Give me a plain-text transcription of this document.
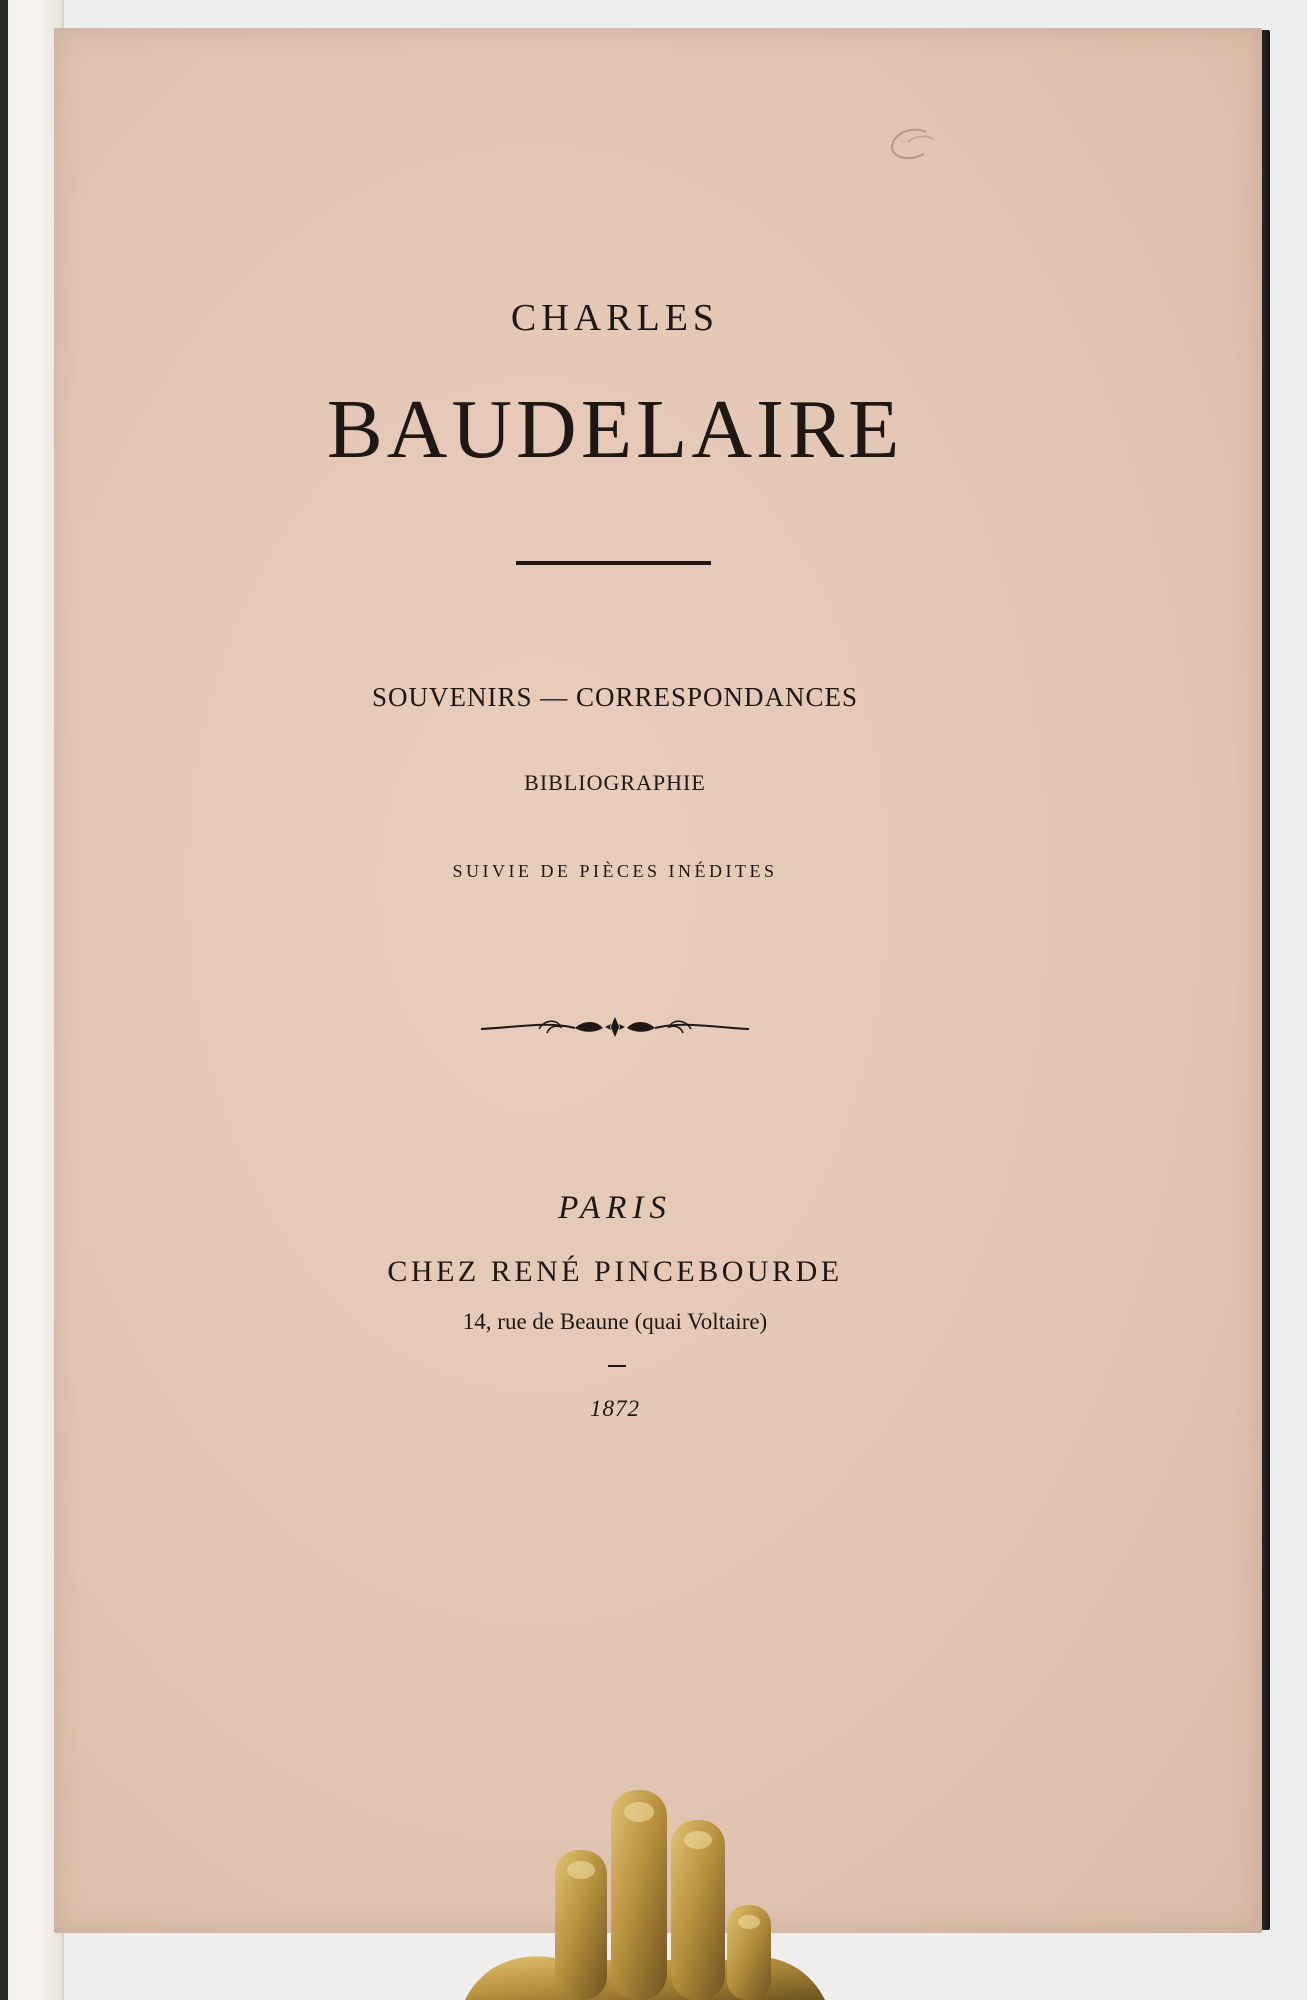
CHARLES

BAUDELAIRE

SOUVENIRS — CORRESPONDANCES

BIBLIOGRAPHIE

SUIVIE DE PIÈCES INÉDITES

PARIS

CHEZ RENÉ PINCEBOURDE

14, rue de Beaune (quai Voltaire)

1872
